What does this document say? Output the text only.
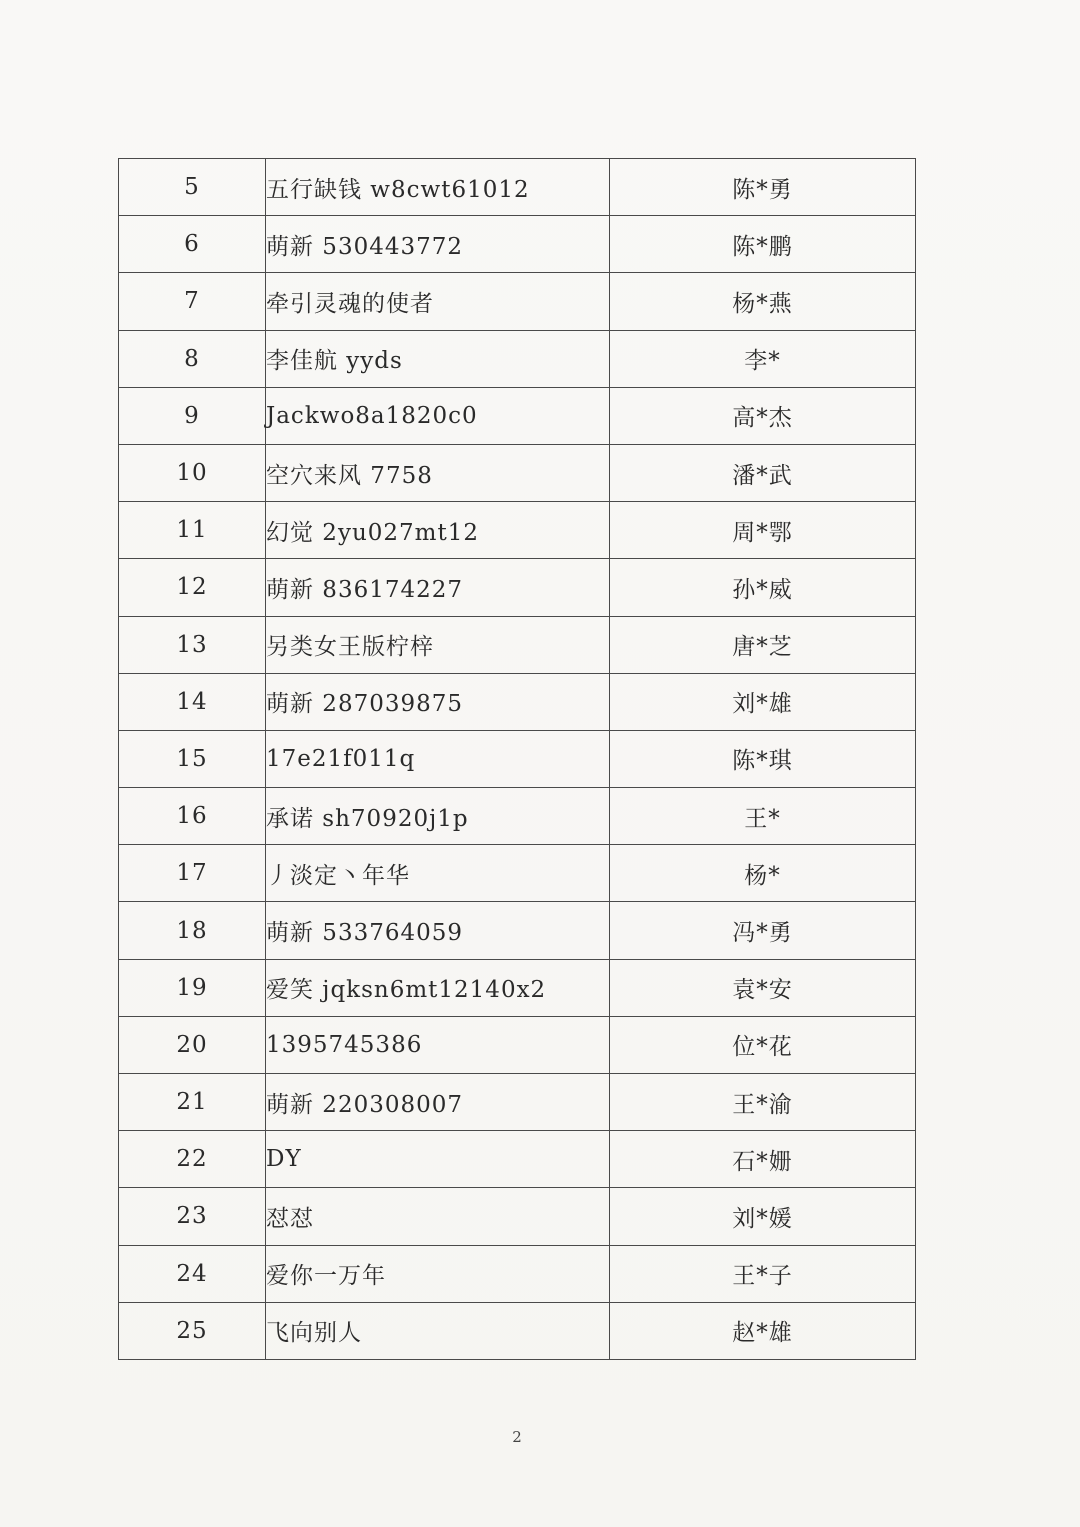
5	五行缺钱 w8cwt61012	陈*勇
6	萌新 530443772	陈*鹏
7	牵引灵魂的使者	杨*燕
8	李佳航 yyds	李*
9	Jackwo8a1820c0	高*杰
10	空穴来风 7758	潘*武
11	幻觉 2yu027mt12	周*鄂
12	萌新 836174227	孙*威
13	另类女王版柠梓	唐*芝
14	萌新 287039875	刘*雄
15	17e21f011q	陈*琪
16	承诺 sh70920j1p	王*
17	丿淡定丶年华	杨*
18	萌新 533764059	冯*勇
19	爱笑 jqksn6mt12140x2	袁*安
20	1395745386	位*花
21	萌新 220308007	王*渝
22	DY	石*姗
23	怼怼	刘*媛
24	爱你一万年	王*子
25	飞向别人	赵*雄
2
